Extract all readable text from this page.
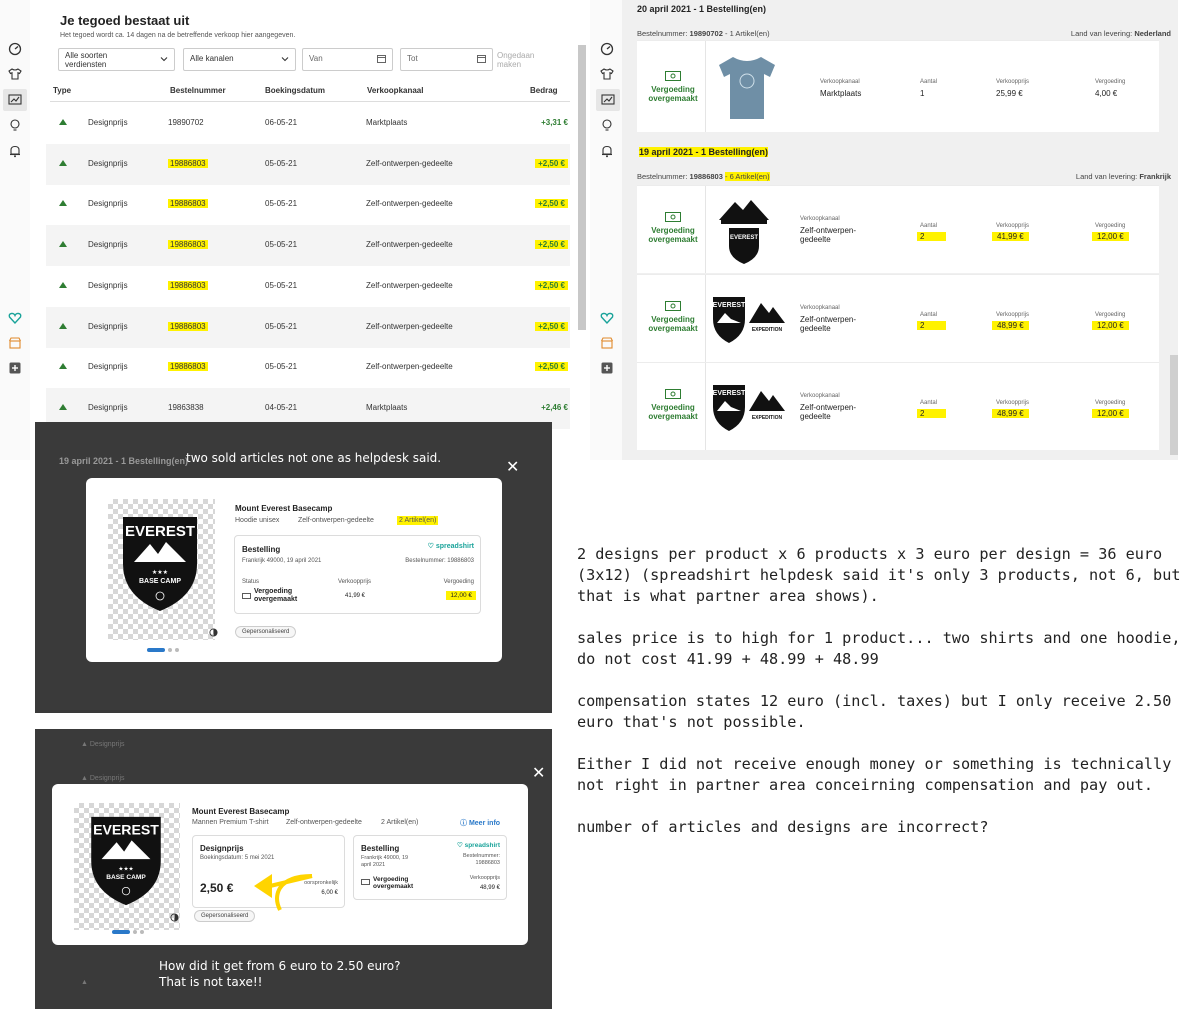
Je tegoed bestaat uit
Het tegoed wordt ca. 14 dagen na de betreffende verkoop hier aangegeven.
Alle soorten verdiensten
Alle kanalen	Van	Tot	Ongedaan maken
Type	Bestelnummer	Boekingsdatum	Verkoopkanaal	Bedrag
Designprijs	19890702	06-05-21	Marktplaats	+3,31 €
Designprijs	19886803	05-05-21	Zelf-ontwerpen-gedeelte	+2,50 €
Designprijs	19886803	05-05-21	Zelf-ontwerpen-gedeelte	+2,50 €
Designprijs	19886803	05-05-21	Zelf-ontwerpen-gedeelte	+2,50 €
Designprijs	19886803	05-05-21	Zelf-ontwerpen-gedeelte	+2,50 €
Designprijs	19886803	05-05-21	Zelf-ontwerpen-gedeelte	+2,50 €
Designprijs	19886803	05-05-21	Zelf-ontwerpen-gedeelte	+2,50 €
Designprijs	19863838	04-05-21	Marktplaats	+2,46 €
20 april 2021 - 1 Bestelling(en)
Bestelnummer: 19890702 - 1 Artikel(en)	Land van levering: Nederland
Vergoeding overgemaakt
Verkoopkanaal
Marktplaats
Aantal
1
Verkoopprijs
25,99 €
Vergoeding
4,00 €
19 april 2021 - 1 Bestelling(en)
Bestelnummer: 19886803 - 6 Artikel(en)	Land van levering: Frankrijk
Vergoeding overgemaakt	EVEREST
Verkoopkanaal
Zelf-ontwerpen-gedeelte
Aantal
2
Verkoopprijs
41,99 €
Vergoeding
12,00 €
Vergoeding overgemaakt
EVEREST
EXPEDITION
Verkoopkanaal
Zelf-ontwerpen-gedeelte
Aantal
2
Verkoopprijs
48,99 €
Vergoeding
12,00 €
Vergoeding overgemaakt
EVEREST
EXPEDITION
Verkoopkanaal
Zelf-ontwerpen-gedeelte
Aantal
2
Verkoopprijs
48,99 €
Vergoeding
12,00 €
19 april 2021 - 1 Bestelling(en)
two sold articles not one as helpdesk said.
✕
EVEREST
★★★
BASE CAMP
Mount Everest Basecamp
Hoodie unisex	Zelf-ontwerpen-gedeelte	2 Artikel(en)
Bestelling	♡ spreadshirt
Frankrijk 49000, 19 april 2021	Bestelnummer: 19886803
Status
Vergoeding overgemaakt
Verkoopprijs
41,99 €
Vergoeding
12,00 €
Gepersonaliseerd
▲ Designprijs
▲ Designprijs
▲
✕
EVEREST
★★★
BASE CAMP
Mount Everest Basecamp
Mannen Premium T-shirt Zelf-ontwerpen-gedeelte	2 Artikel(en)	ⓘ Meer info
Designprijs
Boekingsdatum: 5 mei 2021
2,50 €	oorspronkelijk
6,00 €
Bestelling	♡ spreadshirt
Frankrijk 49000, 19 april 2021
Bestelnummer:
19886803
Vergoeding overgemaakt
Verkoopprijs
48,99 €
Gepersonaliseerd
How did it get from 6 euro to 2.50 euro?
That is not taxe!!

2 designs per product x 6 products x 3 euro per design = 36 euro (3x12) (spreadshirt helpdesk said it's only 3 products, not 6, but that is what partner area shows).

sales price is to high for 1 product... two shirts and one hoodie, do not cost 41.99 + 48.99 + 48.99

compensation states 12 euro (incl. taxes) but I only receive 2.50 euro that's not possible.

Either I did not receive enough money or something is technically not right in partner area conceirning compensation and pay out.

number of articles and designs are incorrect?
